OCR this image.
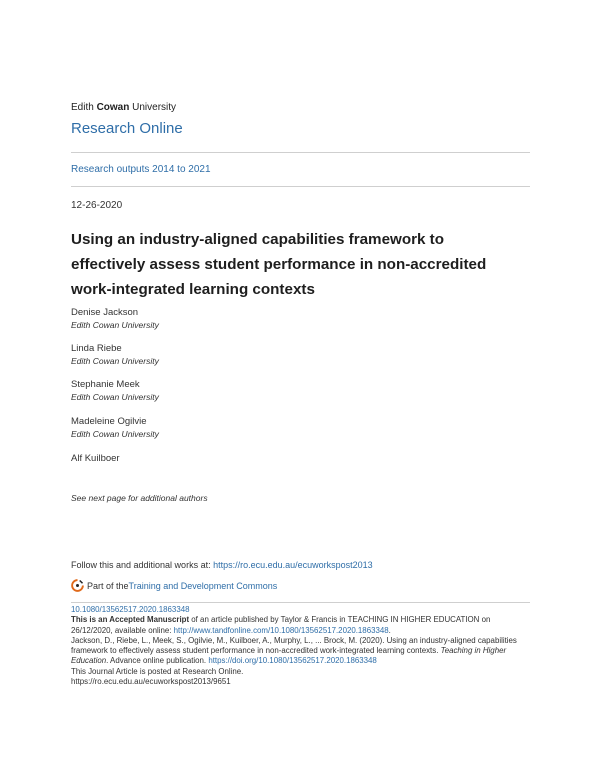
Edith Cowan University
Research Online
Research outputs 2014 to 2021
12-26-2020
Using an industry-aligned capabilities framework to effectively assess student performance in non-accredited work-integrated learning contexts
Denise Jackson
Edith Cowan University
Linda Riebe
Edith Cowan University
Stephanie Meek
Edith Cowan University
Madeleine Ogilvie
Edith Cowan University
Alf Kuilboer
See next page for additional authors
Follow this and additional works at: https://ro.ecu.edu.au/ecuworkspost2013
Part of the Training and Development Commons
10.1080/13562517.2020.1863348
This is an Accepted Manuscript of an article published by Taylor & Francis in TEACHING IN HIGHER EDUCATION on 26/12/2020, available online: http://www.tandfonline.com/10.1080/13562517.2020.1863348.
Jackson, D., Riebe, L., Meek, S., Ogilvie, M., Kuilboer, A., Murphy, L., ... Brock, M. (2020). Using an industry-aligned capabilities framework to effectively assess student performance in non-accredited work-integrated learning contexts. Teaching in Higher Education. Advance online publication. https://doi.org/10.1080/13562517.2020.1863348
This Journal Article is posted at Research Online.
https://ro.ecu.edu.au/ecuworkspost2013/9651
